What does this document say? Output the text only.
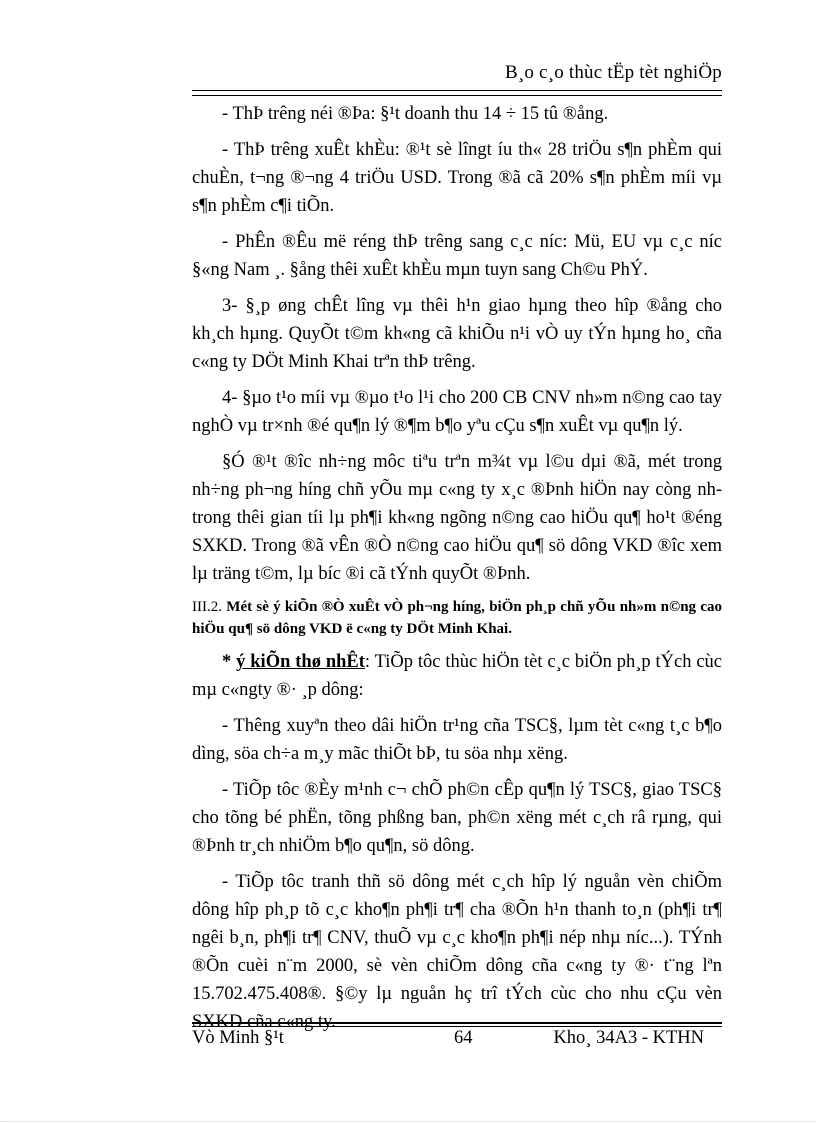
B¸o c¸o thùc tËp tèt nghiÖp

- ThÞ trêng néi ®Þa: §¹t doanh thu 14 ÷ 15 tû ®ång.

- ThÞ trêng xuÊt khÈu: ®¹t sè lîngt íu th« 28 triÖu s¶n phÈm qui chuÈn, t¬ng ®¬ng 4 triÖu USD. Trong ®ã cã 20% s¶n phÈm míi vµ s¶n phÈm c¶i tiÕn.

- PhÊn ®Êu më réng thÞ trêng sang c¸c níc: Mü, EU vµ c¸c níc §«ng Nam ¸. §ång thêi xuÊt khÈu mµn tuyn sang Ch©u PhÝ.

3- §¸p øng chÊt lîng vµ thêi h¹n giao hµng theo hîp ®ång cho kh¸ch hµng. QuyÕt t©m kh«ng cã khiÕu n¹i vÒ uy tÝn hµng ho¸ cña c«ng ty DÖt Minh Khai trªn thÞ trêng.

4- §µo t¹o míi vµ ®µo t¹o l¹i cho 200 CB CNV nh»m n©ng cao tay nghÒ vµ tr×nh ®é qu¶n lý ®¶m b¶o yªu cÇu s¶n xuÊt vµ qu¶n lý.

§Ó ®¹t ®îc nh÷ng môc tiªu trªn m¾t vµ l©u dµi ®ã, mét trong nh÷ng ph¬ng híng chñ yÕu mµ c«ng ty x¸c ®Þnh hiÖn nay còng nh trong thêi gian tíi lµ ph¶i kh«ng ngõng n©ng cao hiÖu qu¶ ho¹t ®éng SXKD. Trong ®ã vÊn ®Ò n©ng cao hiÖu qu¶ sö dông VKD ®îc xem lµ träng t©m, lµ bíc ®i cã tÝnh quyÕt ®Þnh.

III.2. Mét sè ý kiÕn ®Ò xuÊt vÒ ph¬ng híng, biÖn ph¸p chñ yÕu nh»m n©ng cao hiÖu qu¶ sö dông VKD ë c«ng ty DÖt Minh Khai.

* ý kiÕn thø nhÊt: TiÕp tôc thùc hiÖn tèt c¸c biÖn ph¸p tÝch cùc mµ c«ngty ®· ¸p dông:

- Thêng xuyªn theo dâi hiÖn tr¹ng cña TSC§, lµm tèt c«ng t¸c b¶o dìng, söa ch÷a m¸y mãc thiÕt bÞ, tu söa nhµ xëng.

- TiÕp tôc ®Èy m¹nh c¬ chÕ ph©n cÊp qu¶n lý TSC§, giao TSC§ cho tõng bé phËn, tõng phßng ban, ph©n xëng mét c¸ch râ rµng, qui ®Þnh tr¸ch nhiÖm b¶o qu¶n, sö dông.

- TiÕp tôc tranh thñ sö dông mét c¸ch hîp lý nguån vèn chiÕm dông hîp ph¸p tõ c¸c kho¶n ph¶i tr¶ cha ®Õn h¹n thanh to¸n (ph¶i tr¶ ngêi b¸n, ph¶i tr¶ CNV, thuÕ vµ c¸c kho¶n ph¶i nép nhµ níc...). TÝnh ®Õn cuèi n¨m 2000, sè vèn chiÕm dông cña c«ng ty ®· t¨ng lªn 15.702.475.408®. §©y lµ nguån hç trî tÝch cùc cho nhu cÇu vèn SXKD cña c«ng ty.

Vò Minh §¹t	64	Kho¸ 34A3 - KTHN
